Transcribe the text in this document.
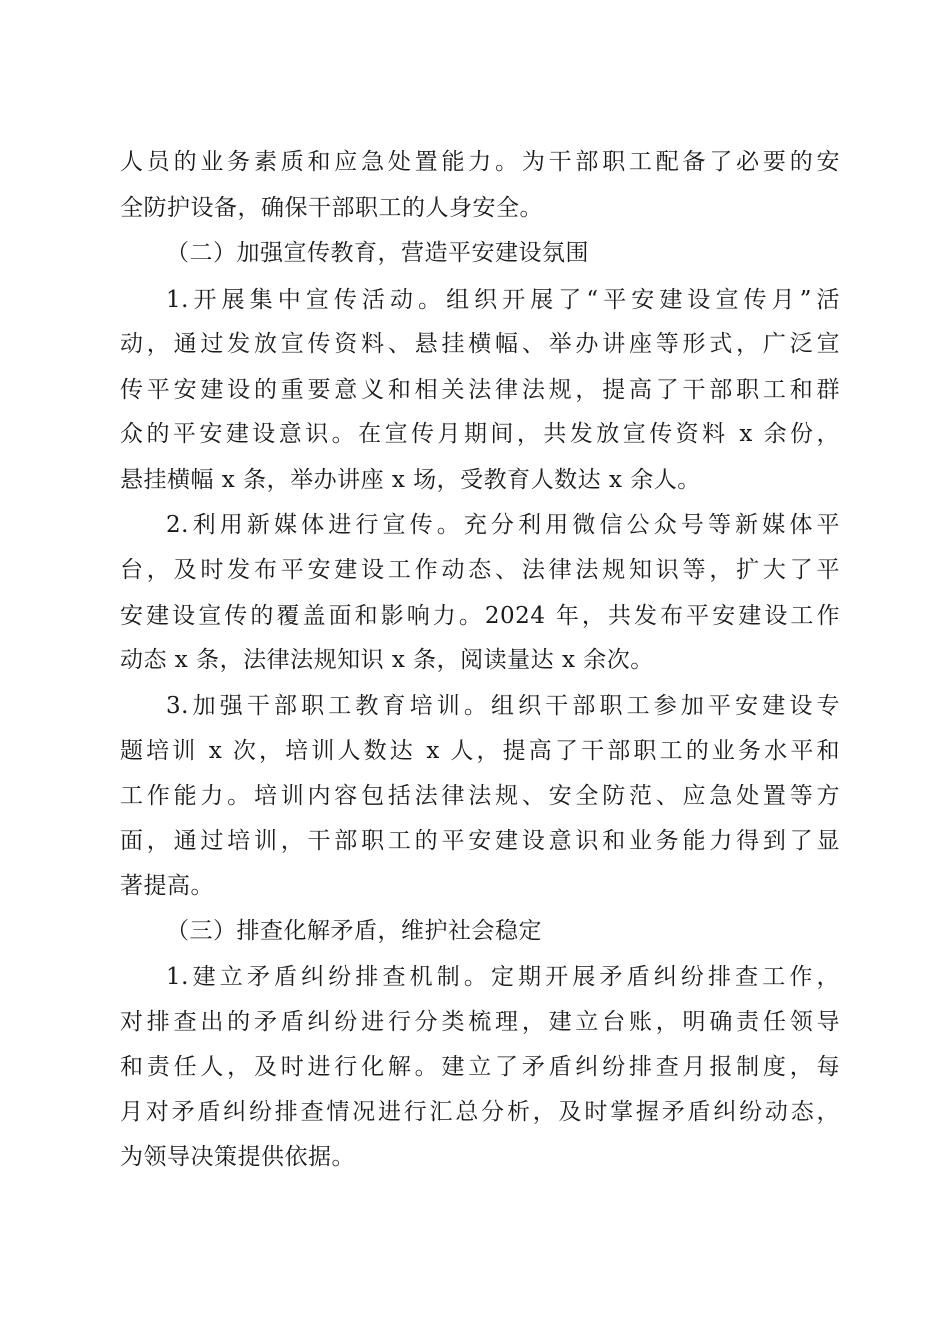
人员的业务素质和应急处置能力。为干部职工配备了必要的安
全防护设备，确保干部职工的人身安全。
（二）加强宣传教育，营造平安建设氛围
1.开展集中宣传活动。组织开展了“平安建设宣传月”活
动，通过发放宣传资料、悬挂横幅、举办讲座等形式，广泛宣
传平安建设的重要意义和相关法律法规，提高了干部职工和群
众的平安建设意识。在宣传月期间，共发放宣传资料 x 余份，
悬挂横幅 x 条，举办讲座 x 场，受教育人数达 x 余人。
2.利用新媒体进行宣传。充分利用微信公众号等新媒体平
台，及时发布平安建设工作动态、法律法规知识等，扩大了平
安建设宣传的覆盖面和影响力。2024 年，共发布平安建设工作
动态 x 条，法律法规知识 x 条，阅读量达 x 余次。
3.加强干部职工教育培训。组织干部职工参加平安建设专
题培训 x 次，培训人数达 x 人，提高了干部职工的业务水平和
工作能力。培训内容包括法律法规、安全防范、应急处置等方
面，通过培训，干部职工的平安建设意识和业务能力得到了显
著提高。
（三）排查化解矛盾，维护社会稳定
1.建立矛盾纠纷排查机制。定期开展矛盾纠纷排查工作，
对排查出的矛盾纠纷进行分类梳理，建立台账，明确责任领导
和责任人，及时进行化解。建立了矛盾纠纷排查月报制度，每
月对矛盾纠纷排查情况进行汇总分析，及时掌握矛盾纠纷动态，
为领导决策提供依据。
